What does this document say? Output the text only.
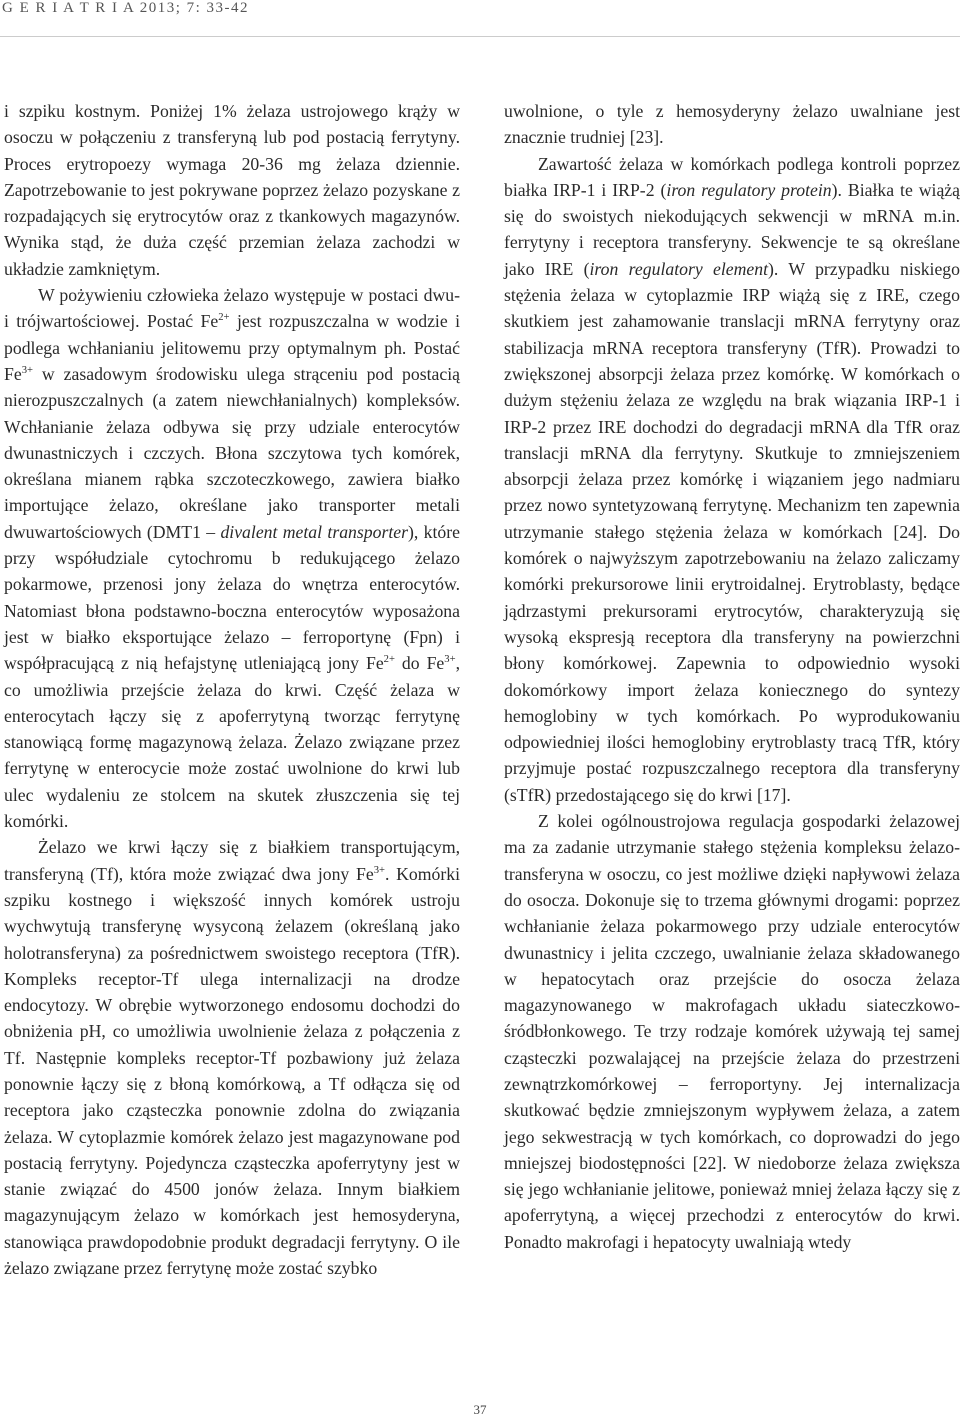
G E R I A T R I A 2013; 7: 33-42

i szpiku kostnym. Poniżej 1% żelaza ustrojowego krąży w osoczu w połączeniu z transferyną lub pod postacią ferrytyny. Proces erytropoezy wymaga 20-36 mg żelaza dziennie. Zapotrzebowanie to jest pokrywane poprzez żelazo pozyskane z rozpadających się erytrocytów oraz z tkankowych magazynów. Wynika stąd, że duża część przemian żelaza zachodzi w układzie zamkniętym.

W pożywieniu człowieka żelazo występuje w postaci dwu- i trójwartościowej. Postać $Fe^{2+}$ jest rozpuszczalna w wodzie i podlega wchłanianiu jelitowemu przy optymalnym ph. Postać $Fe^{3+}$ w zasadowym środowisku ulega strąceniu pod postacią nierozpuszczalnych (a zatem niewchłanialnych) kompleksów. Wchłanianie żelaza odbywa się przy udziale enterocytów dwunastniczych i czczych. Błona szczytowa tych komórek, określana mianem rąbka szczoteczkowego, zawiera białko importujące żelazo, określane jako transporter metali dwuwartościowych (DMT1 – divalent metal transporter), które przy współudziale cytochromu b redukującego żelazo pokarmowe, przenosi jony żelaza do wnętrza enterocytów. Natomiast błona podstawno-boczna enterocytów wyposażona jest w białko eksportujące żelazo – ferroportynę (Fpn) i współpracującą z nią hefajstynę utleniającą jony $Fe^{2+}$ do $Fe^{3+}$, co umożliwia przejście żelaza do krwi. Część żelaza w enterocytach łączy się z apoferrytyną tworząc ferrytynę stanowiącą formę magazynową żelaza. Żelazo związane przez ferrytynę w enterocycie może zostać uwolnione do krwi lub ulec wydaleniu ze stolcem na skutek złuszczenia się tej komórki.

Żelazo we krwi łączy się z białkiem transportującym, transferyną (Tf), która może związać dwa jony $Fe^{3+}$. Komórki szpiku kostnego i większość innych komórek ustroju wychwytują transferynę wysyconą żelazem (określaną jako holotransferyna) za pośrednictwem swoistego receptora (TfR). Kompleks receptor-Tf ulega internalizacji na drodze endocytozy. W obrębie wytworzonego endosomu dochodzi do obniżenia pH, co umożliwia uwolnienie żelaza z połączenia z Tf. Następnie kompleks receptor-Tf pozbawiony już żelaza ponownie łączy się z błoną komórkową, a Tf odłącza się od receptora jako cząsteczka ponownie zdolna do związania żelaza. W cytoplazmie komórek żelazo jest magazynowane pod postacią ferrytyny. Pojedyncza cząsteczka apoferrytyny jest w stanie związać do 4500 jonów żelaza. Innym białkiem magazynującym żelazo w komórkach jest hemosyderyna, stanowiąca prawdopodobnie produkt degradacji ferrytyny. O ile żelazo związane przez ferrytynę może zostać szybko

uwolnione, o tyle z hemosyderyny żelazo uwalniane jest znacznie trudniej [23].

Zawartość żelaza w komórkach podlega kontroli poprzez białka IRP-1 i IRP-2 (iron regulatory protein). Białka te wiążą się do swoistych niekodujących sekwencji w mRNA m.in. ferrytyny i receptora transferyny. Sekwencje te są określane jako IRE (iron regulatory element). W przypadku niskiego stężenia żelaza w cytoplazmie IRP wiążą się z IRE, czego skutkiem jest zahamowanie translacji mRNA ferrytyny oraz stabilizacja mRNA receptora transferyny (TfR). Prowadzi to zwiększonej absorpcji żelaza przez komórkę. W komórkach o dużym stężeniu żelaza ze względu na brak wiązania IRP-1 i IRP-2 przez IRE dochodzi do degradacji mRNA dla TfR oraz translacji mRNA dla ferrytyny. Skutkuje to zmniejszeniem absorpcji żelaza przez komórkę i wiązaniem jego nadmiaru przez nowo syntetyzowaną ferrytynę. Mechanizm ten zapewnia utrzymanie stałego stężenia żelaza w komórkach [24]. Do komórek o najwyższym zapotrzebowaniu na żelazo zaliczamy komórki prekursorowe linii erytroidalnej. Erytroblasty, będące jądrzastymi prekursorami erytrocytów, charakteryzują się wysoką ekspresją receptora dla transferyny na powierzchni błony komórkowej. Zapewnia to odpowiednio wysoki dokomórkowy import żelaza koniecznego do syntezy hemoglobiny w tych komórkach. Po wyprodukowaniu odpowiedniej ilości hemoglobiny erytroblasty tracą TfR, który przyjmuje postać rozpuszczalnego receptora dla transferyny (sTfR) przedostającego się do krwi [17].

Z kolei ogólnoustrojowa regulacja gospodarki żelazowej ma za zadanie utrzymanie stałego stężenia kompleksu żelazo-transferyna w osoczu, co jest możliwe dzięki napływowi żelaza do osocza. Dokonuje się to trzema głównymi drogami: poprzez wchłanianie żelaza pokarmowego przy udziale enterocytów dwunastnicy i jelita czczego, uwalnianie żelaza składowanego w hepatocytach oraz przejście do osocza żelaza magazynowanego w makrofagach układu siateczkowo-śródbłonkowego. Te trzy rodzaje komórek używają tej samej cząsteczki pozwalającej na przejście żelaza do przestrzeni zewnątrzkomórkowej – ferroportyny. Jej internalizacja skutkować będzie zmniejszonym wypływem żelaza, a zatem jego sekwestracją w tych komórkach, co doprowadzi do jego mniejszej biodostępności [22]. W niedoborze żelaza zwiększa się jego wchłanianie jelitowe, ponieważ mniej żelaza łączy się z apoferrytyną, a więcej przechodzi z enterocytów do krwi. Ponadto makrofagi i hepatocyty uwalniają wtedy

37
